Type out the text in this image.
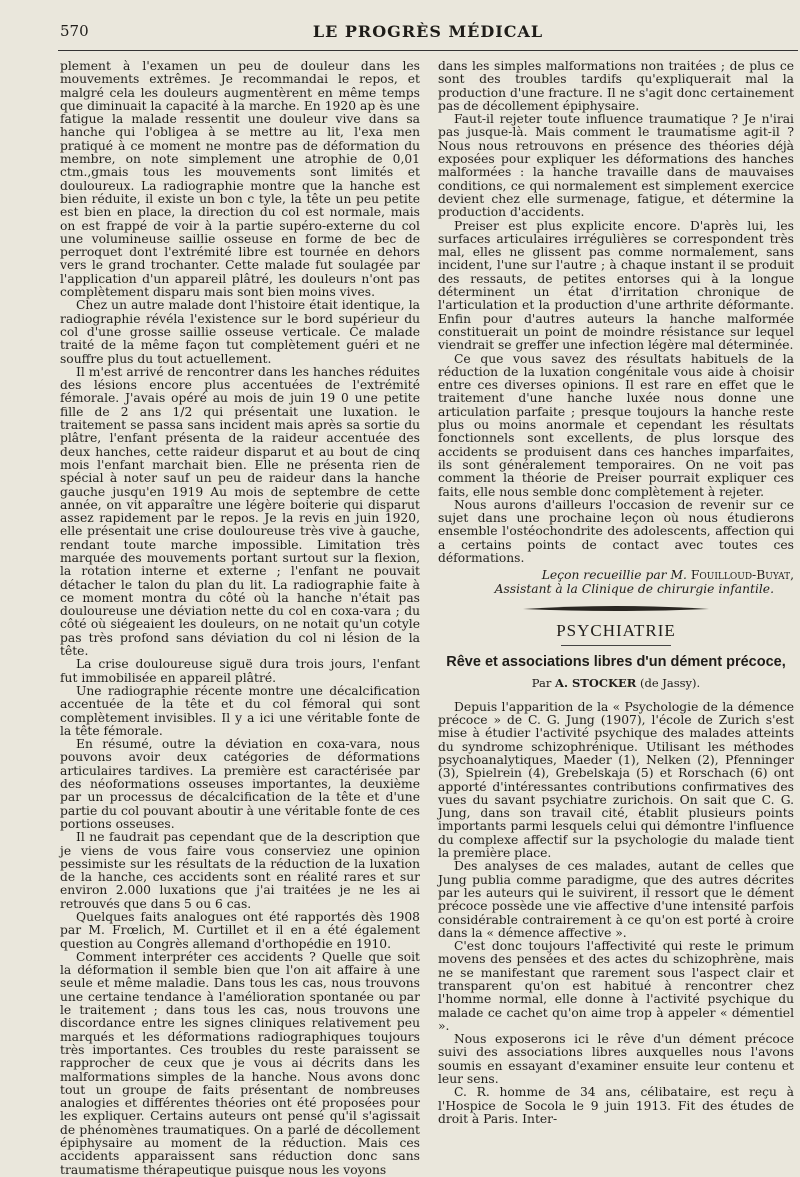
570	LE PROGRÈS MÉDICAL

plement à l'examen un peu de douleur dans les mouvements extrêmes. Je recommandai le repos, et malgré cela les douleurs augmentèrent en même temps que diminuait la capacité à la marche. En 1920 ap ès une fatigue la malade ressentit une douleur vive dans sa hanche qui l'obligea à se mettre au lit, l'exa men pratiqué à ce moment ne montre pas de déformation du membre, on note simplement une atrophie de 0,01 ctm.,gmais tous les mouvements sont limités et douloureux. La radiographie montre que la hanche est bien réduite, il existe un bon c tyle, la tête un peu petite est bien en place, la direction du col est normale, mais on est frappé de voir à la partie supéro-externe du col une volumineuse saillie osseuse en forme de bec de perroquet dont l'extrémité libre est tournée en dehors vers le grand trochanter. Cette malade fut soulagée par l'application d'un appareil plâtré, les douleurs n'ont pas complètement disparu mais sont bien moins vives.

Chez un autre malade dont l'histoire était identique, la radiographie révéla l'existence sur le bord supérieur du col d'une grosse saillie osseuse verticale. Ce malade traité de la même façon tut complètement guéri et ne souffre plus du tout actuellement.

Il m'est arrivé de rencontrer dans les hanches réduites des lésions encore plus accentuées de l'extrémité fémorale. J'avais opéré au mois de juin 19 0 une petite fille de 2 ans 1/2 qui présentait une luxation. le traitement se passa sans incident mais après sa sortie du plâtre, l'enfant présenta de la raideur accentuée des deux hanches, cette raideur disparut et au bout de cinq mois l'enfant marchait bien. Elle ne présenta rien de spécial à noter sauf un peu de raideur dans la hanche gauche jusqu'en 1919 Au mois de septembre de cette année, on vit apparaître une légère boiterie qui disparut assez rapidement par le repos. Je la revis en juin 1920, elle présentait une crise douloureuse très vive à gauche, rendant toute marche impossible. Limitation très marquée des mouvements portant surtout sur la flexion, la rotation interne et externe ; l'enfant ne pouvait détacher le talon du plan du lit. La radiographie faite à ce moment montra du côté où la hanche n'était pas douloureuse une déviation nette du col en coxa-vara ; du côté où siégeaient les douleurs, on ne notait qu'un cotyle pas très profond sans déviation du col ni lésion de la tête.

La crise douloureuse siguë dura trois jours, l'enfant fut immobilisée en appareil plâtré.

Une radiographie récente montre une décalcification accentuée de la tête et du col fémoral qui sont complètement invisibles. Il y a ici une véritable fonte de la tête fémorale.

En résumé, outre la déviation en coxa-vara, nous pouvons avoir deux catégories de déformations articulaires tardives. La première est caractérisée par des néoformations osseuses importantes, la deuxième par un processus de décalcification de la tête et d'une partie du col pouvant aboutir à une véritable fonte de ces portions osseuses.

Il ne faudrait pas cependant que de la description que je viens de vous faire vous conserviez une opinion pessimiste sur les résultats de la réduction de la luxation de la hanche, ces accidents sont en réalité rares et sur environ 2.000 luxations que j'ai traitées je ne les ai retrouvés que dans 5 ou 6 cas.

Quelques faits analogues ont été rapportés dès 1908 par M. Frœlich, M. Curtillet et il en a été également question au Congrès allemand d'orthopédie en 1910.

Comment interpréter ces accidents ? Quelle que soit la déformation il semble bien que l'on ait affaire à une seule et même maladie. Dans tous les cas, nous trouvons une certaine tendance à l'amélioration spontanée ou par le traitement ; dans tous les cas, nous trouvons une discordance entre les signes cliniques relativement peu marqués et les déformations radiographiques toujours très importantes. Ces troubles du reste paraissent se rapprocher de ceux que je vous ai décrits dans les malformations simples de la hanche. Nous avons donc tout un groupe de faits présentant de nombreuses analogies et différentes théories ont été proposées pour les expliquer. Certains auteurs ont pensé qu'il s'agissait de phénomènes traumatiques. On a parlé de décollement épiphysaire au moment de la réduction. Mais ces accidents apparaissent sans réduction donc sans traumatisme thérapeutique puisque nous les voyons

dans les simples malformations non traitées ; de plus ce sont des troubles tardifs qu'expliquerait mal la production d'une fracture. Il ne s'agit donc certainement pas de décollement épiphysaire.

Faut-il rejeter toute influence traumatique ? Je n'irai pas jusque-là. Mais comment le traumatisme agit-il ? Nous nous retrouvons en présence des théories déjà exposées pour expliquer les déformations des hanches malformées : la hanche travaille dans de mauvaises conditions, ce qui normalement est simplement exercice devient chez elle surmenage, fatigue, et détermine la production d'accidents.

Preiser est plus explicite encore. D'après lui, les surfaces articulaires irrégulières se correspondent très mal, elles ne glissent pas comme normalement, sans incident, l'une sur l'autre ; à chaque instant il se produit des ressauts, de petites entorses qui à la longue déterminent un état d'irritation chronique de l'articulation et la production d'une arthrite déformante. Enfin pour d'autres auteurs la hanche malformée constituerait un point de moindre résistance sur lequel viendrait se greffer une infection légère mal déterminée.

Ce que vous savez des résultats habituels de la réduction de la luxation congénitale vous aide à choisir entre ces diverses opinions. Il est rare en effet que le traitement d'une hanche luxée nous donne une articulation parfaite ; presque toujours la hanche reste plus ou moins anormale et cependant les résultats fonctionnels sont excellents, de plus lorsque des accidents se produisent dans ces hanches imparfaites, ils sont généralement temporaires. On ne voit pas comment la théorie de Preiser pourrait expliquer ces faits, elle nous semble donc complètement à rejeter.

Nous aurons d'ailleurs l'occasion de revenir sur ce sujet dans une prochaine leçon où nous étudierons ensemble l'ostéochondrite des adolescents, affection qui a certains points de contact avec toutes ces déformations.

Leçon recueillie par M. Fouilloud-Buyat,
Assistant à la Clinique de chirurgie infantile.
PSYCHIATRIE
Rêve et associations libres d'un dément précoce,
Par A. STOCKER (de Jassy).

Depuis l'apparition de la « Psychologie de la démence précoce » de C. G. Jung (1907), l'école de Zurich s'est mise à étudier l'activité psychique des malades atteints du syndrome schizophrénique. Utilisant les méthodes psychoanalytiques, Maeder (1), Nelken (2), Pfenninger (3), Spielrein (4), Grebelskaja (5) et Rorschach (6) ont apporté d'intéressantes contributions confirmatives des vues du savant psychiatre zurichois. On sait que C. G. Jung, dans son travail cité, établit plusieurs points importants parmi lesquels celui qui démontre l'influence du complexe affectif sur la psychologie du malade tient la première place.

Des analyses de ces malades, autant de celles que Jung publia comme paradigme, que des autres décrites par les auteurs qui le suivirent, il ressort que le dément précoce possède une vie affective d'une intensité parfois considérable contrairement à ce qu'on est porté à croire dans la « démence affective ».

C'est donc toujours l'affectivité qui reste le primum movens des pensées et des actes du schizophrène, mais ne se manifestant que rarement sous l'aspect clair et transparent qu'on est habitué à rencontrer chez l'homme normal, elle donne à l'activité psychique du malade ce cachet qu'on aime trop à appeler « démentiel ».

Nous exposerons ici le rêve d'un dément précoce suivi des associations libres auxquelles nous l'avons soumis en essayant d'examiner ensuite leur contenu et leur sens.

C. R. homme de 34 ans, célibataire, est reçu à l'Hospice de Socola le 9 juin 1913. Fit des études de droit à Paris. Inter-
